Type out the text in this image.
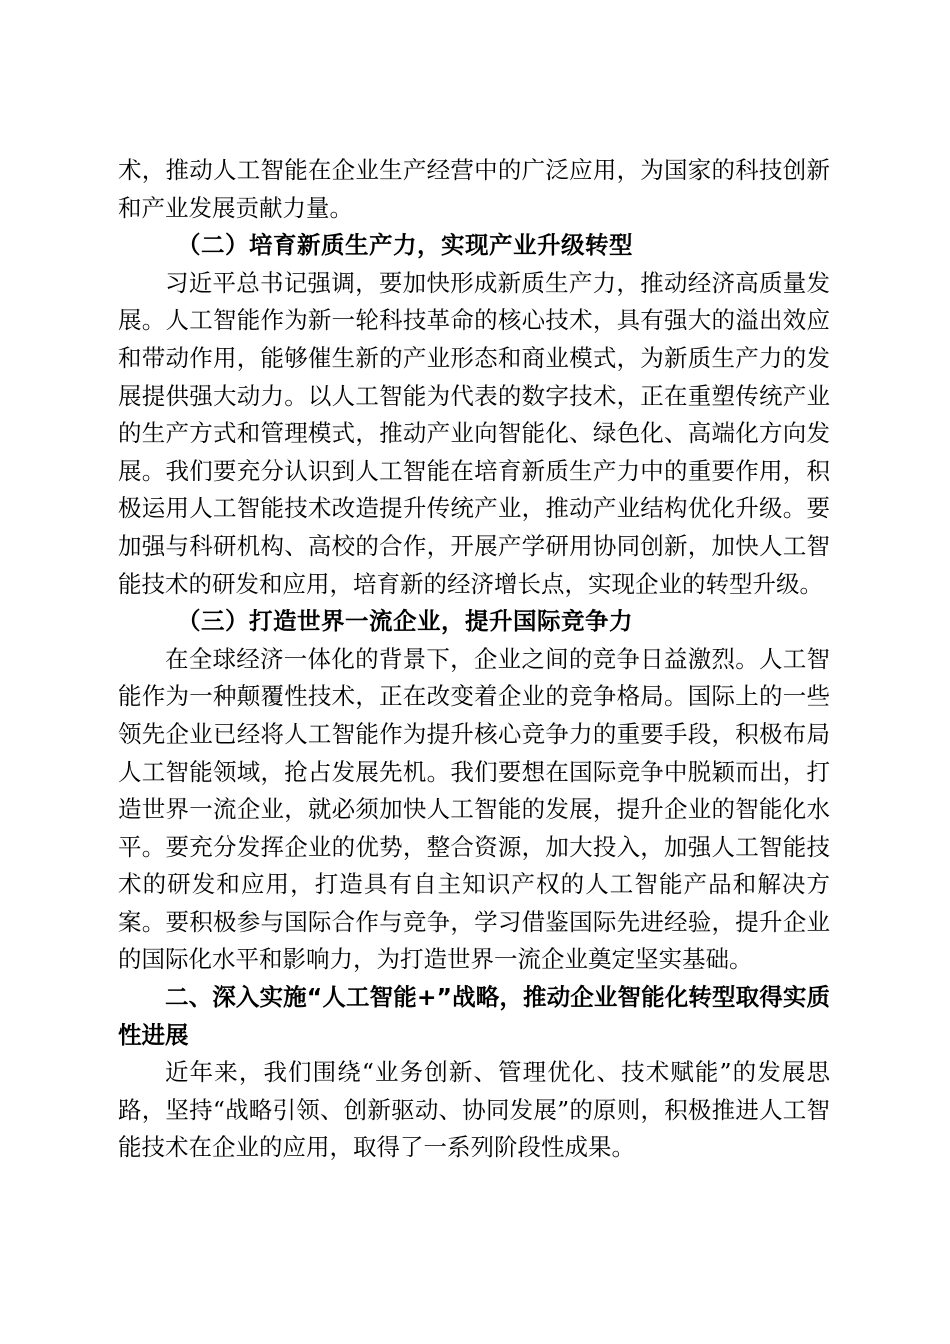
术，推动人工智能在企业生产经营中的广泛应用，为国家的科技创新和产业发展贡献力量。

（二）培育新质生产力，实现产业升级转型

习近平总书记强调，要加快形成新质生产力，推动经济高质量发展。人工智能作为新一轮科技革命的核心技术，具有强大的溢出效应和带动作用，能够催生新的产业形态和商业模式，为新质生产力的发展提供强大动力。以人工智能为代表的数字技术，正在重塑传统产业的生产方式和管理模式，推动产业向智能化、绿色化、高端化方向发展。我们要充分认识到人工智能在培育新质生产力中的重要作用，积极运用人工智能技术改造提升传统产业，推动产业结构优化升级。要加强与科研机构、高校的合作，开展产学研用协同创新，加快人工智能技术的研发和应用，培育新的经济增长点，实现企业的转型升级。

（三）打造世界一流企业，提升国际竞争力

在全球经济一体化的背景下，企业之间的竞争日益激烈。人工智能作为一种颠覆性技术，正在改变着企业的竞争格局。国际上的一些领先企业已经将人工智能作为提升核心竞争力的重要手段，积极布局人工智能领域，抢占发展先机。我们要想在国际竞争中脱颖而出，打造世界一流企业，就必须加快人工智能的发展，提升企业的智能化水平。要充分发挥企业的优势，整合资源，加大投入，加强人工智能技术的研发和应用，打造具有自主知识产权的人工智能产品和解决方案。要积极参与国际合作与竞争，学习借鉴国际先进经验，提升企业的国际化水平和影响力，为打造世界一流企业奠定坚实基础。

二、深入实施“人工智能+”战略，推动企业智能化转型取得实质性进展

近年来，我们围绕“业务创新、管理优化、技术赋能”的发展思路，坚持“战略引领、创新驱动、协同发展”的原则，积极推进人工智能技术在企业的应用，取得了一系列阶段性成果。
